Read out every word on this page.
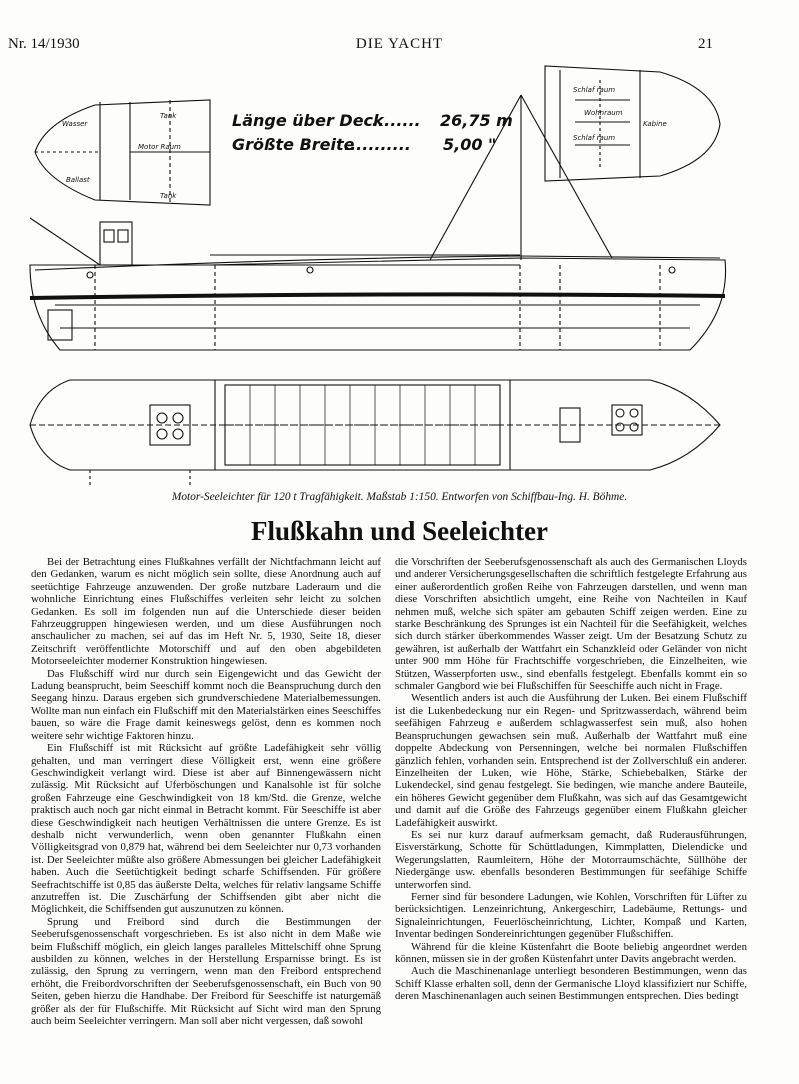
Nr. 14/1930	DIE YACHT	21
Wasser
Ballast
Tank
Tank
Motor Raum
Schlaf raum
Wohnraum
Schlaf raum
Kabine
Länge über Deck
........ 26,75 m
Größte Breite
........... 5,00 "
Motor-Seeleichter für 120 t Tragfähigkeit. Maßstab 1:150. Entworfen von Schiffbau-Ing. H. Böhme.
Flußkahn und Seeleichter

Bei der Betrachtung eines Flußkahnes verfällt der Nichtfachmann leicht auf den Gedanken, warum es nicht möglich sein sollte, diese Anordnung auch auf seetüchtige Fahrzeuge anzuwenden. Der große nutzbare Laderaum und die wohnliche Einrichtung eines Flußschiffes verleiten sehr leicht zu solchen Gedanken. Es soll im folgenden nun auf die Unterschiede dieser beiden Fahrzeuggruppen hingewiesen werden, und um diese Ausführungen noch anschaulicher zu machen, sei auf das im Heft Nr. 5, 1930, Seite 18, dieser Zeitschrift veröffentlichte Motorschiff und auf den oben abgebildeten Motorseeleichter moderner Konstruktion hingewiesen.

Das Flußschiff wird nur durch sein Eigengewicht und das Gewicht der Ladung beansprucht, beim Seeschiff kommt noch die Beanspruchung durch den Seegang hinzu. Daraus ergeben sich grundverschiedene Materialbemessungen. Wollte man nun einfach ein Flußschiff mit den Materialstärken eines Seeschiffes bauen, so wäre die Frage damit keineswegs gelöst, denn es kommen noch weitere sehr wichtige Faktoren hinzu.

Ein Flußschiff ist mit Rücksicht auf größte Ladefähigkeit sehr völlig gehalten, und man verringert diese Völligkeit erst, wenn eine größere Geschwindigkeit verlangt wird. Diese ist aber auf Binnengewässern nicht zulässig. Mit Rücksicht auf Uferböschungen und Kanalsohle ist für solche großen Fahrzeuge eine Geschwindigkeit von 18 km/Std. die Grenze, welche praktisch auch noch gar nicht einmal in Betracht kommt. Für Seeschiffe ist aber diese Geschwindigkeit nach heutigen Verhältnissen die untere Grenze. Es ist deshalb nicht verwunderlich, wenn oben genannter Flußkahn einen Völligkeitsgrad von 0,879 hat, während bei dem Seeleichter nur 0,73 vorhanden ist. Der Seeleichter müßte also größere Abmessungen bei gleicher Ladefähigkeit haben. Auch die Seetüchtigkeit bedingt scharfe Schiffsenden. Für größere Seefrachtschiffe ist 0,85 das äußerste Delta, welches für relativ langsame Schiffe anzutreffen ist. Die Zuschärfung der Schiffsenden gibt aber nicht die Möglichkeit, die Schiffsenden gut auszunutzen zu können.

Sprung und Freibord sind durch die Bestimmungen der Seeberufsgenossenschaft vorgeschrieben. Es ist also nicht in dem Maße wie beim Flußschiff möglich, ein gleich langes paralleles Mittelschiff ohne Sprung ausbilden zu können, welches in der Herstellung Ersparnisse bringt. Es ist zulässig, den Sprung zu verringern, wenn man den Freibord entsprechend erhöht, die Freibordvorschriften der Seeberufsgenossenschaft, ein Buch von 90 Seiten, geben hierzu die Handhabe. Der Freibord für Seeschiffe ist naturgemäß größer als der für Flußschiffe. Mit Rücksicht auf Sicht wird man den Sprung auch beim Seeleichter verringern. Man soll aber nicht vergessen, daß sowohl

die Vorschriften der Seeberufsgenossenschaft als auch des Germanischen Lloyds und anderer Versicherungsgesellschaften die schriftlich festgelegte Erfahrung aus einer außerordentlich großen Reihe von Fahrzeugen darstellen, und wenn man diese Vorschriften absichtlich umgeht, eine Reihe von Nachteilen in Kauf nehmen muß, welche sich später am gebauten Schiff zeigen werden. Eine zu starke Beschränkung des Sprunges ist ein Nachteil für die Seefähigkeit, welches sich durch stärker überkommendes Wasser zeigt. Um der Besatzung Schutz zu gewähren, ist außerhalb der Wattfahrt ein Schanzkleid oder Geländer von nicht unter 900 mm Höhe für Frachtschiffe vorgeschrieben, die Einzelheiten, wie Stützen, Wasserpforten usw., sind ebenfalls festgelegt. Ebenfalls kommt ein so schmaler Gangbord wie bei Flußschiffen für Seeschiffe auch nicht in Frage.

Wesentlich anders ist auch die Ausführung der Luken. Bei einem Flußschiff ist die Lukenbedeckung nur ein Regen- und Spritzwasserdach, während beim seefähigen Fahrzeug e außerdem schlagwasserfest sein muß, also hohen Beanspruchungen gewachsen sein muß. Außerhalb der Wattfahrt muß eine doppelte Abdeckung von Persenningen, welche bei normalen Flußschiffen gänzlich fehlen, vorhanden sein. Entsprechend ist der Zollverschluß ein anderer. Einzelheiten der Luken, wie Höhe, Stärke, Schiebebalken, Stärke der Lukendeckel, sind genau festgelegt. Sie bedingen, wie manche andere Bauteile, ein höheres Gewicht gegenüber dem Flußkahn, was sich auf das Gesamtgewicht und damit auf die Größe des Fahrzeugs gegenüber einem Flußkahn gleicher Ladefähigkeit auswirkt.

Es sei nur kurz darauf aufmerksam gemacht, daß Ruderausführungen, Eisverstärkung, Schotte für Schüttladungen, Kimmplatten, Dielendicke und Wegerungslatten, Raumleitern, Höhe der Motorraumschächte, Süllhöhe der Niedergänge usw. ebenfalls besonderen Bestimmungen für seefähige Schiffe unterworfen sind.

Ferner sind für besondere Ladungen, wie Kohlen, Vorschriften für Lüfter zu berücksichtigen. Lenzeinrichtung, Ankergeschirr, Ladebäume, Rettungs- und Signaleinrichtungen, Feuerlöscheinrichtung, Lichter, Kompaß und Karten, Inventar bedingen Sondereinrichtungen gegenüber Flußschiffen.

Während für die kleine Küstenfahrt die Boote beliebig angeordnet werden können, müssen sie in der großen Küstenfahrt unter Davits angebracht werden.

Auch die Maschinenanlage unterliegt besonderen Bestimmungen, wenn das Schiff Klasse erhalten soll, denn der Germanische Lloyd klassifiziert nur Schiffe, deren Maschinenanlagen auch seinen Bestimmungen entsprechen. Dies bedingt
